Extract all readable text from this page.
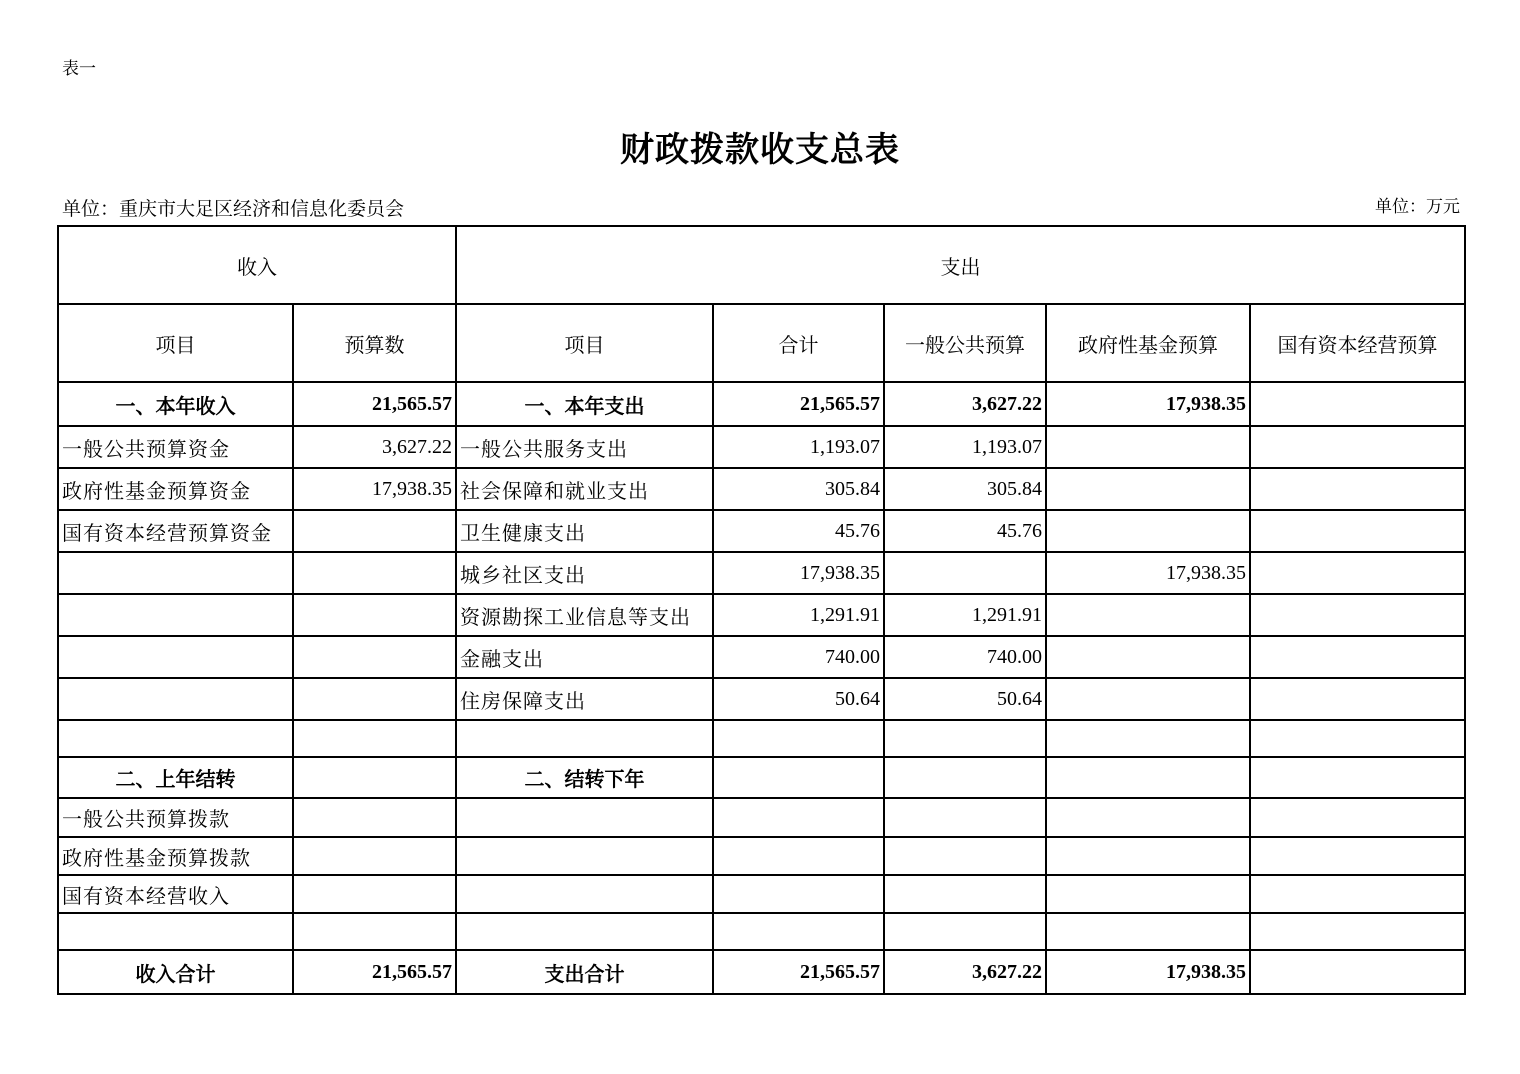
表一
财政拨款收支总表
单位：重庆市大足区经济和信息化委员会	单位：万元
收入		支出				
项目	预算数	项目	合计	一般公共预算	政府性基金预算	国有资本经营预算
一、本年收入	21,565.57	一、本年支出	21,565.57	3,627.22	17,938.35	
一般公共预算资金	3,627.22	一般公共服务支出	1,193.07	1,193.07		
政府性基金预算资金	17,938.35	社会保障和就业支出	305.84	305.84		
国有资本经营预算资金		卫生健康支出	45.76	45.76		
		城乡社区支出	17,938.35		17,938.35	
		资源勘探工业信息等支出	1,291.91	1,291.91		
		金融支出	740.00	740.00		
		住房保障支出	50.64	50.64		

二、上年结转		二、结转下年				
一般公共预算拨款						
政府性基金预算拨款						
国有资本经营收入						

收入合计	21,565.57	支出合计	21,565.57	3,627.22	17,938.35	
